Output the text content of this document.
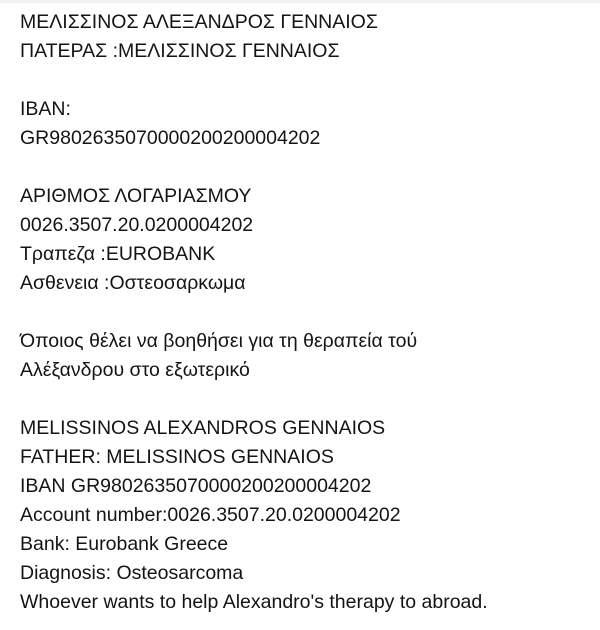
ΜΕΛΙΣΣΙΝΟΣ ΑΛΕΞΑΝΔΡΟΣ ΓΕΝΝΑΙΟΣ
ΠΑΤΕΡΑΣ :ΜΕΛΙΣΣΙΝΟΣ ΓΕΝΝΑΙΟΣ
IBAN:
GR9802635070000200200004202
ΑΡΙΘΜΟΣ ΛΟΓΑΡΙΑΣΜΟΥ
0026.3507.20.0200004202
Τραπεζα :EUROBANK
Ασθενεια :Οστεοσαρκωμα
Όποιος θέλει να βοηθήσει για τη θεραπεία τού
Αλέξανδρου στο εξωτερικό
MELISSINOS ALEXANDROS GENNAIOS
FATHER: MELISSINOS GENNAIOS
IBAN GR9802635070000200200004202
Account number:0026.3507.20.0200004202
Bank: Eurobank Greece
Diagnosis: Osteosarcoma
Whoever wants to help Alexandro's therapy to abroad.
